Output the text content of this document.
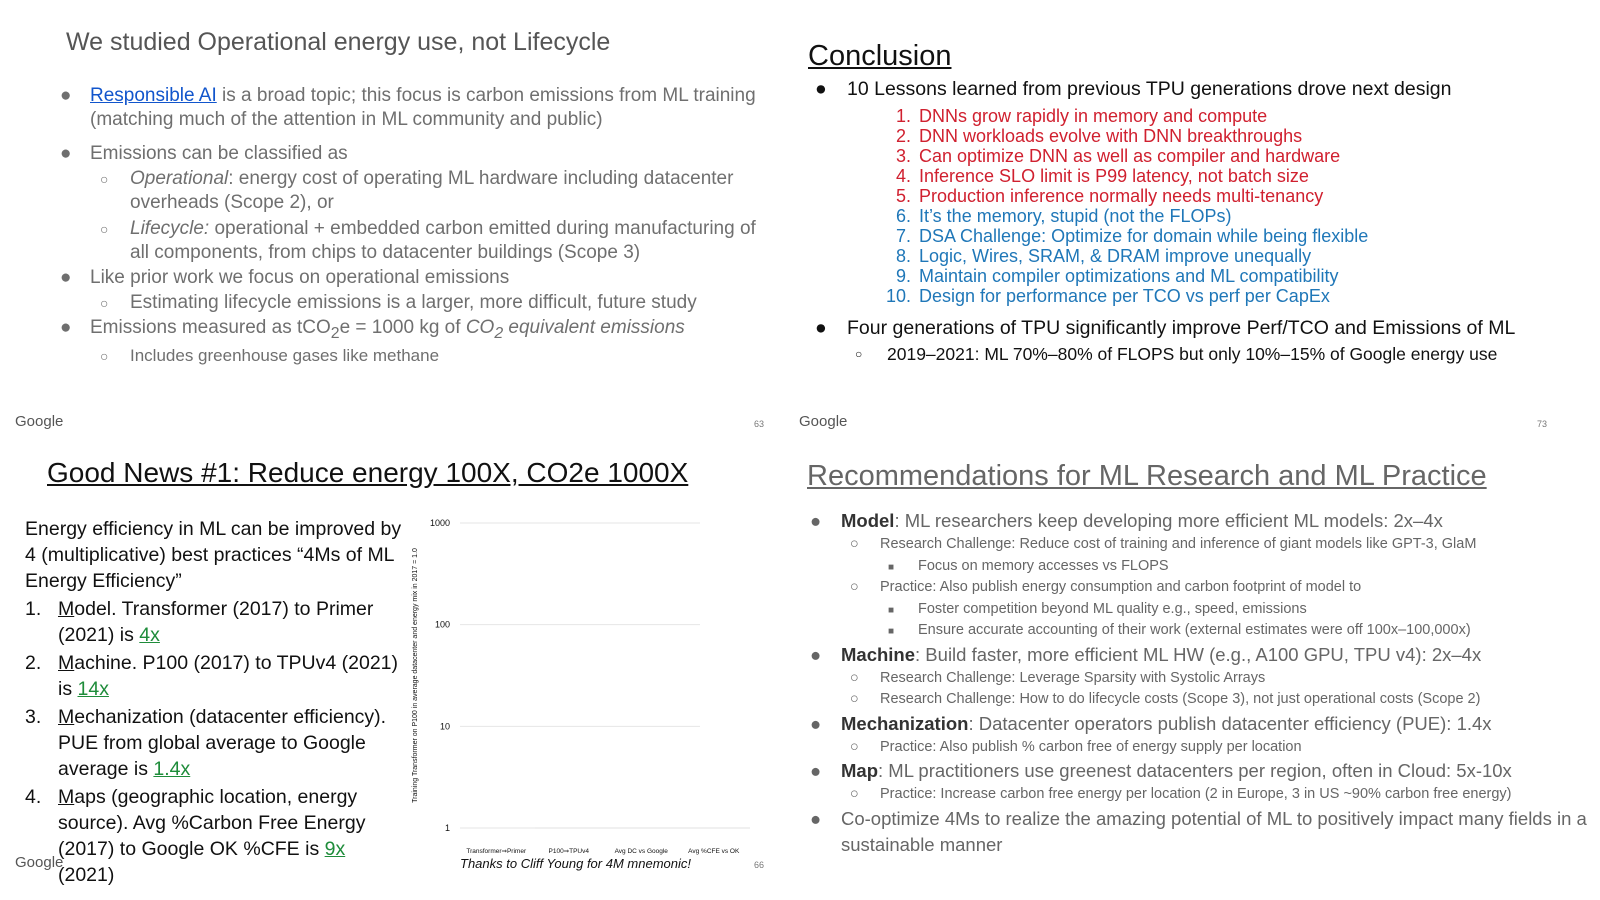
We studied Operational energy use, not Lifecycle
● Responsible AI is a broad topic; this focus is carbon emissions from ML training (matching much of the attention in ML community and public)
● Emissions can be classified as
○ Operational: energy cost of operating ML hardware including datacenter overheads (Scope 2), or
○ Lifecycle: operational + embedded carbon emitted during manufacturing of all components, from chips to datacenter buildings (Scope 3)
● Like prior work we focus on operational emissions
○ Estimating lifecycle emissions is a larger, more difficult, future study
● Emissions measured as tCO$_2$e = 1000 kg of $CO_2$ equivalent emissions
○ Includes greenhouse gases like methane
Google	63
Conclusion
● 10 Lessons learned from previous TPU generations drove next design
1. DNNs grow rapidly in memory and compute
2. DNN workloads evolve with DNN breakthroughs
3. Can optimize DNN as well as compiler and hardware
4. Inference SLO limit is P99 latency, not batch size
5. Production inference normally needs multi-tenancy
6. It’s the memory, stupid (not the FLOPs)
7. DSA Challenge: Optimize for domain while being flexible
8. Logic, Wires, SRAM, & DRAM improve unequally
9. Maintain compiler optimizations and ML compatibility
10. Design for performance per TCO vs perf per CapEx
● Four generations of TPU significantly improve Perf/TCO and Emissions of ML
○ 2019–2021: ML 70%–80% of FLOPS but only 10%–15% of Google energy use
Google	73
Good News #1: Reduce energy 100X, CO2e 1000X
Energy efficiency in ML can be improved by 4 (multiplicative) best practices “4Ms of ML Energy Efficiency”
1. Model. Transformer (2017) to Primer (2021) is 4x
2. Machine. P100 (2017) to TPUv4 (2021) is 14x
3. Mechanization (datacenter efficiency). PUE from global average to Google average is 1.4x
4. Maps (geographic location, energy source). Avg %Carbon Free Energy (2017) to Google OK %CFE is 9x (2021)
1000
100
10
1
Transformer⇒Primer	P100⇒TPUv4	Avg DC vs Google	Avg %CFE vs OK
Training Transformer on P100 in average datacenter and energy mix in 2017 = 1.0
Thanks to Cliff Young for 4M mnemonic!
Google	66
Recommendations for ML Research and ML Practice
● Model: ML researchers keep developing more efficient ML models: 2x–4x
○ Research Challenge: Reduce cost of training and inference of giant models like GPT-3, GlaM
■ Focus on memory accesses vs FLOPS
○ Practice: Also publish energy consumption and carbon footprint of model to
■ Foster competition beyond ML quality e.g., speed, emissions
■ Ensure accurate accounting of their work (external estimates were off 100x–100,000x)
● Machine: Build faster, more efficient ML HW (e.g., A100 GPU, TPU v4): 2x–4x
○ Research Challenge: Leverage Sparsity with Systolic Arrays
○ Research Challenge: How to do lifecycle costs (Scope 3), not just operational costs (Scope 2)
● Mechanization: Datacenter operators publish datacenter efficiency (PUE): 1.4x
○ Practice: Also publish % carbon free of energy supply per location
● Map: ML practitioners use greenest datacenters per region, often in Cloud: 5x-10x
○ Practice: Increase carbon free energy per location (2 in Europe, 3 in US ~90% carbon free energy)
● Co-optimize 4Ms to realize the amazing potential of ML to positively impact many fields in a sustainable manner
